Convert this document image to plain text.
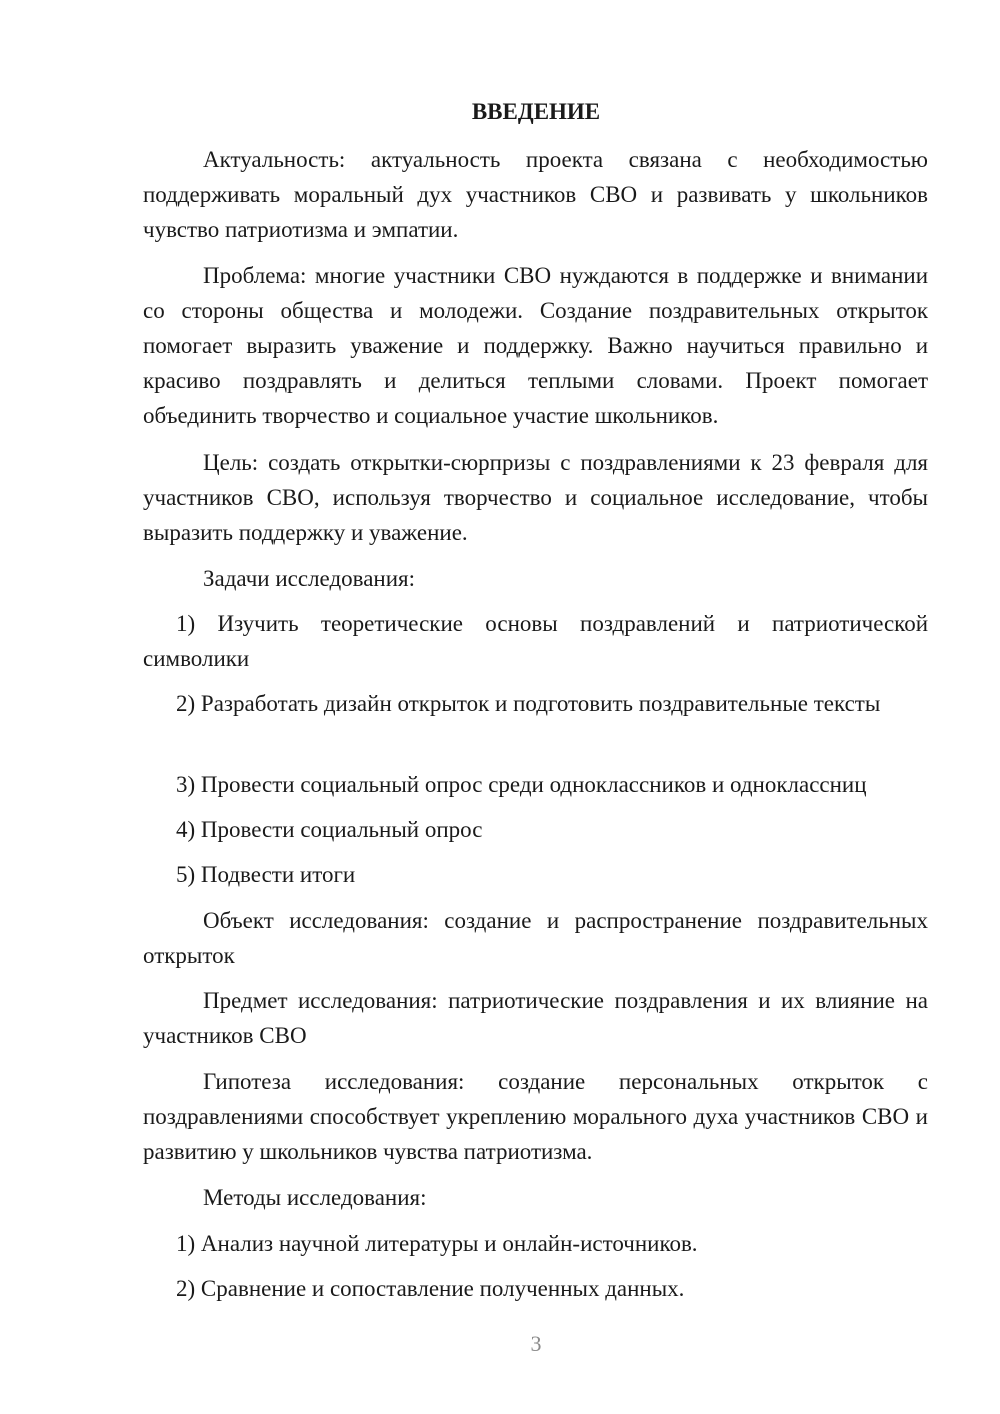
ВВЕДЕНИЕ

Актуальность: актуальность проекта связана с необходимостью поддерживать моральный дух участников СВО и развивать у школьников чувство патриотизма и эмпатии.

Проблема: многие участники СВО нуждаются в поддержке и внимании со стороны общества и молодежи. Создание поздравительных открыток помогает выразить уважение и поддержку. Важно научиться правильно и красиво поздравлять и делиться теплыми словами. Проект помогает объединить творчество и социальное участие школьников.

Цель: создать открытки-сюрпризы с поздравлениями к 23 февраля для участников СВО, используя творчество и социальное исследование, чтобы выразить поддержку и уважение.

Задачи исследования:

1) Изучить теоретические основы поздравлений и патриотической символики

2) Разработать дизайн открыток и подготовить поздравительные тексты

3) Провести социальный опрос среди одноклассников и одноклассниц

4) Провести социальный опрос

5) Подвести итоги

Объект исследования: создание и распространение поздравительных открыток

Предмет исследования: патриотические поздравления и их влияние на участников СВО

Гипотеза исследования: создание персональных открыток с поздравлениями способствует укреплению морального духа участников СВО и развитию у школьников чувства патриотизма.

Методы исследования:

1) Анализ научной литературы и онлайн-источников.

2) Сравнение и сопоставление полученных данных.

3
